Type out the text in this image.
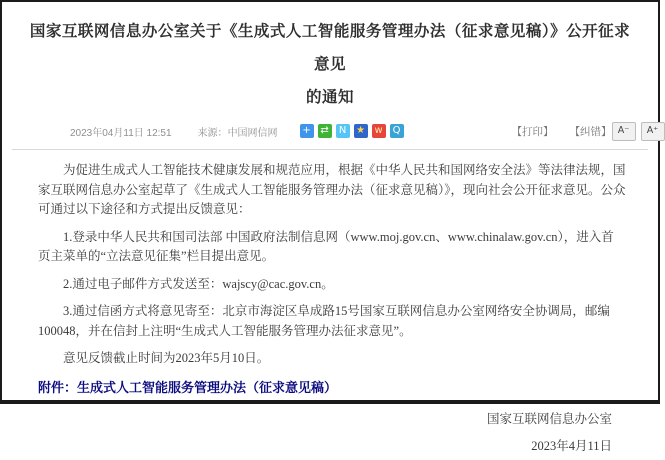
国家互联网信息办公室关于《生成式人工智能服务管理办法（征求意见稿）》公开征求意见
的通知
2023年04月11日 12:51	来源：中国网信网 + ⇄	N ★ w Q	【打印】 【纠错】 A⁻	A⁺

为促进生成式人工智能技术健康发展和规范应用，根据《中华人民共和国网络安全法》等法律法规，国家互联网信息办公室起草了《生成式人工智能服务管理办法（征求意见稿）》，现向社会公开征求意见。公众可通过以下途径和方式提出反馈意见：

1.登录中华人民共和国司法部 中国政府法制信息网（www.moj.gov.cn、www.chinalaw.gov.cn），进入首页主菜单的“立法意见征集”栏目提出意见。

2.通过电子邮件方式发送至：wajscy@cac.gov.cn。

3.通过信函方式将意见寄至：北京市海淀区阜成路15号国家互联网信息办公室网络安全协调局，邮编100048，并在信封上注明“生成式人工智能服务管理办法征求意见”。

意见反馈截止时间为2023年5月10日。

附件：生成式人工智能服务管理办法（征求意见稿）
国家互联网信息办公室
2023年4月11日
